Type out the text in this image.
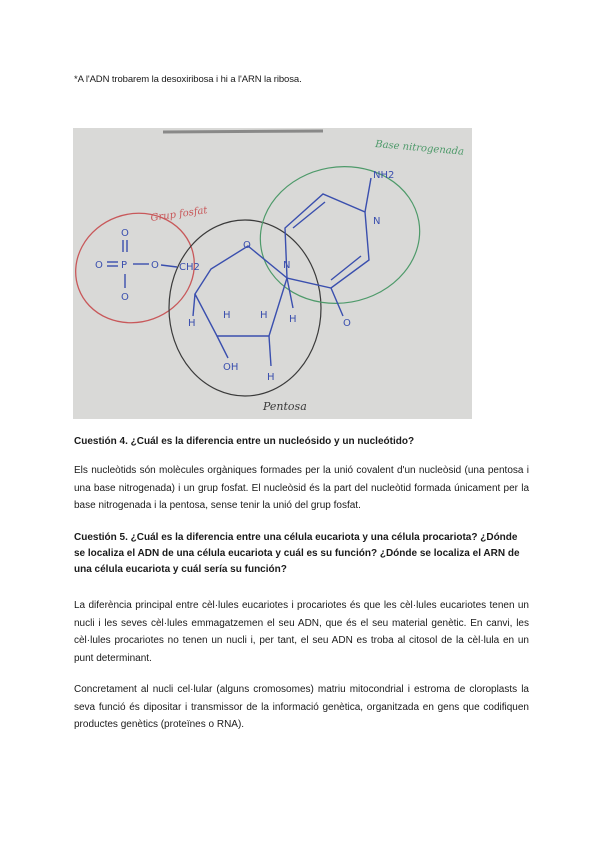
*A l'ADN trobarem la desoxiribosa i hi a l'ARN la ribosa.
O
O P O
O
CH2
O
N
NH2
N
O
H
H	H H
OH
H
Grup fosfat
Base nitrogenada
Pentosa
Cuestión 4. ¿Cuál es la diferencia entre un nucleósido y un nucleótido?
Els nucleòtids són molècules orgàniques formades per la unió covalent d'un nucleòsid (una pentosa i una base nitrogenada) i un grup fosfat. El nucleòsid és la part del nucleòtid formada únicament per la base nitrogenada i la pentosa, sense tenir la unió del grup fosfat.
Cuestión 5. ¿Cuál es la diferencia entre una célula eucariota y una célula procariota? ¿Dónde se localiza el ADN de una célula eucariota y cuál es su función? ¿Dónde se localiza el ARN de una célula eucariota y cuál sería su función?
La diferència principal entre cèl·lules eucariotes i procariotes és que les cèl·lules eucariotes tenen un nucli i les seves cèl·lules emmagatzemen el seu ADN, que és el seu material genètic. En canvi, les cèl·lules procariotes no tenen un nucli i, per tant, el seu ADN es troba al citosol de la cèl·lula en un punt determinant.
Concretament al nucli cel·lular (alguns cromosomes) matriu mitocondrial i estroma de cloroplasts la seva funció és dipositar i transmissor de la informació genètica, organitzada en gens que codifiquen productes genètics (proteïnes o RNA).
